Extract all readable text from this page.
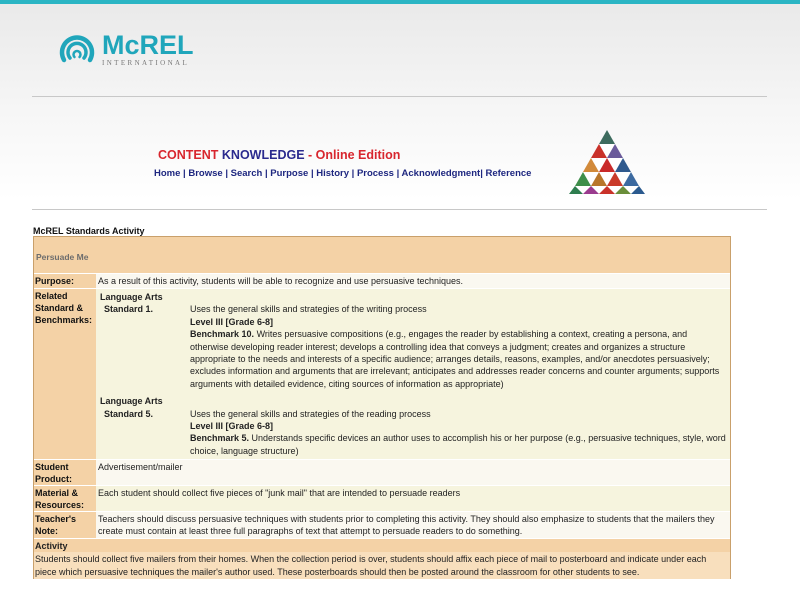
McREL
INTERNATIONAL
CONTENT KNOWLEDGE - Online Edition
Home | Browse | Search | Purpose | History | Process | Acknowledgment| Reference
McREL Standards Activity
Persuade Me
Purpose:	As a result of this activity, students will be able to recognize and use persuasive techniques.
Related Standard & Benchmarks:
Language Arts
Standard 1.	Uses the general skills and strategies of the writing process
Level III [Grade 6-8]
Benchmark 10. Writes persuasive compositions (e.g., engages the reader by establishing a context, creating a persona, and otherwise developing reader interest; develops a controlling idea that conveys a judgment; creates and organizes a structure appropriate to the needs and interests of a specific audience; arranges details, reasons, examples, and/or anecdotes persuasively; excludes information and arguments that are irrelevant; anticipates and addresses reader concerns and counter arguments; supports arguments with detailed evidence, citing sources of information as appropriate)
Language Arts
Standard 5.	Uses the general skills and strategies of the reading process
Level III [Grade 6-8]
Benchmark 5. Understands specific devices an author uses to accomplish his or her purpose (e.g., persuasive techniques, style, word choice, language structure)
Student Product:
Advertisement/mailer
Material & Resources:
Each student should collect five pieces of "junk mail" that are intended to persuade readers
Teacher's Note:
Teachers should discuss persuasive techniques with students prior to completing this activity. They should also emphasize to students that the mailers they create must contain at least three full paragraphs of text that attempt to persuade readers to do something.
Activity
Students should collect five mailers from their homes. When the collection period is over, students should affix each piece of mail to posterboard and indicate under each piece which persuasive techniques the mailer's author used. These posterboards should then be posted around the classroom for other students to see.
